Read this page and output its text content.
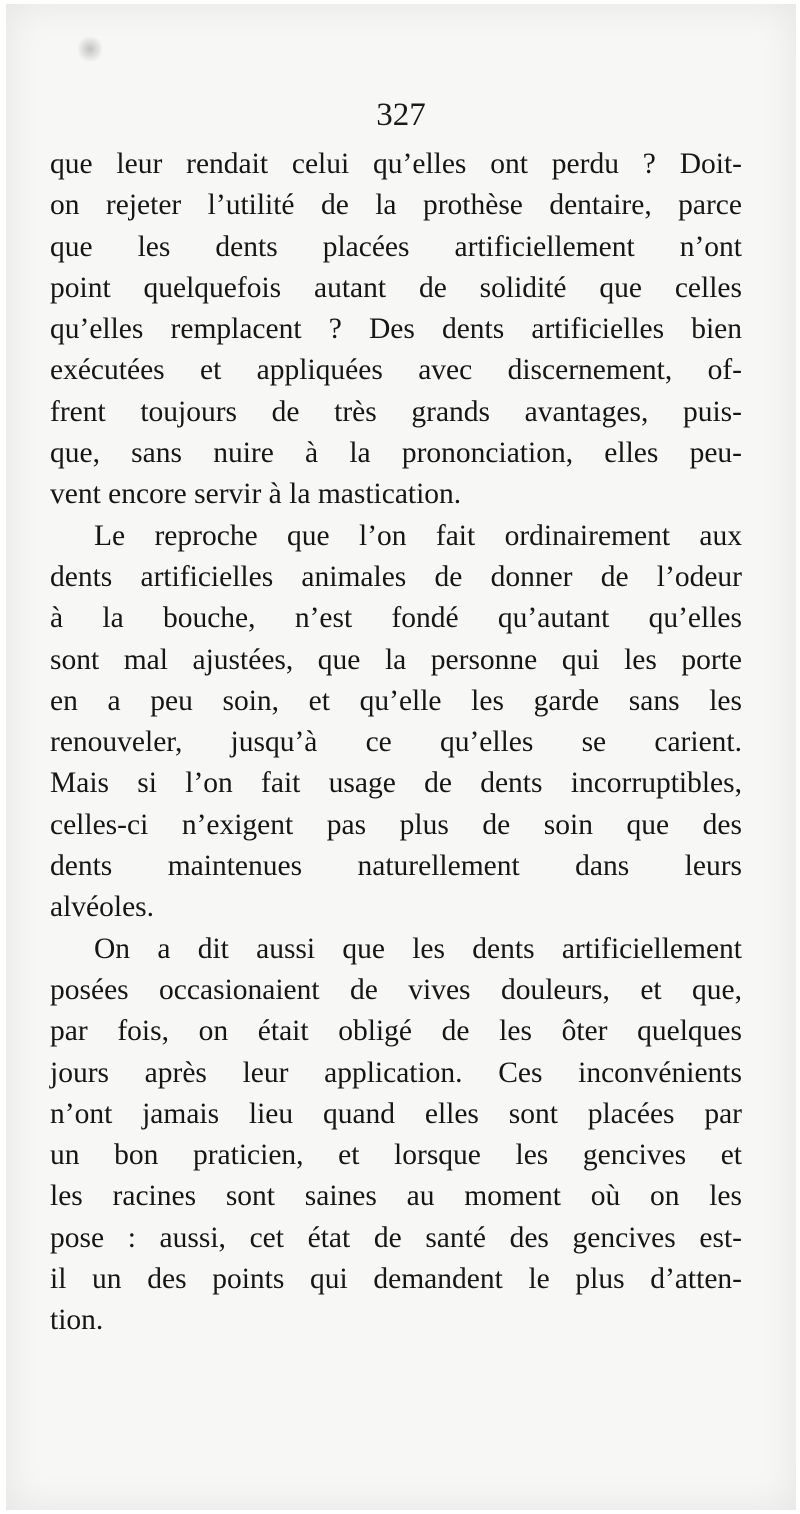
327
que leur rendait celui qu’elles ont perdu ? Doit-
on rejeter l’utilité de la prothèse dentaire, parce
que les dents placées artificiellement n’ont
point quelquefois autant de solidité que celles
qu’elles remplacent ? Des dents artificielles bien
exécutées et appliquées avec discernement, of-
frent toujours de très grands avantages, puis-
que, sans nuire à la prononciation, elles peu-
vent encore servir à la mastication.
Le reproche que l’on fait ordinairement aux
dents artificielles animales de donner de l’odeur
à la bouche, n’est fondé qu’autant qu’elles
sont mal ajustées, que la personne qui les porte
en a peu soin, et qu’elle les garde sans les
renouveler, jusqu’à ce qu’elles se carient.
Mais si l’on fait usage de dents incorruptibles,
celles-ci n’exigent pas plus de soin que des
dents maintenues naturellement dans leurs
alvéoles.
On a dit aussi que les dents artificiellement
posées occasionaient de vives douleurs, et que,
par fois, on était obligé de les ôter quelques
jours après leur application. Ces inconvénients
n’ont jamais lieu quand elles sont placées par
un bon praticien, et lorsque les gencives et
les racines sont saines au moment où on les
pose : aussi, cet état de santé des gencives est-
il un des points qui demandent le plus d’atten-
tion.
